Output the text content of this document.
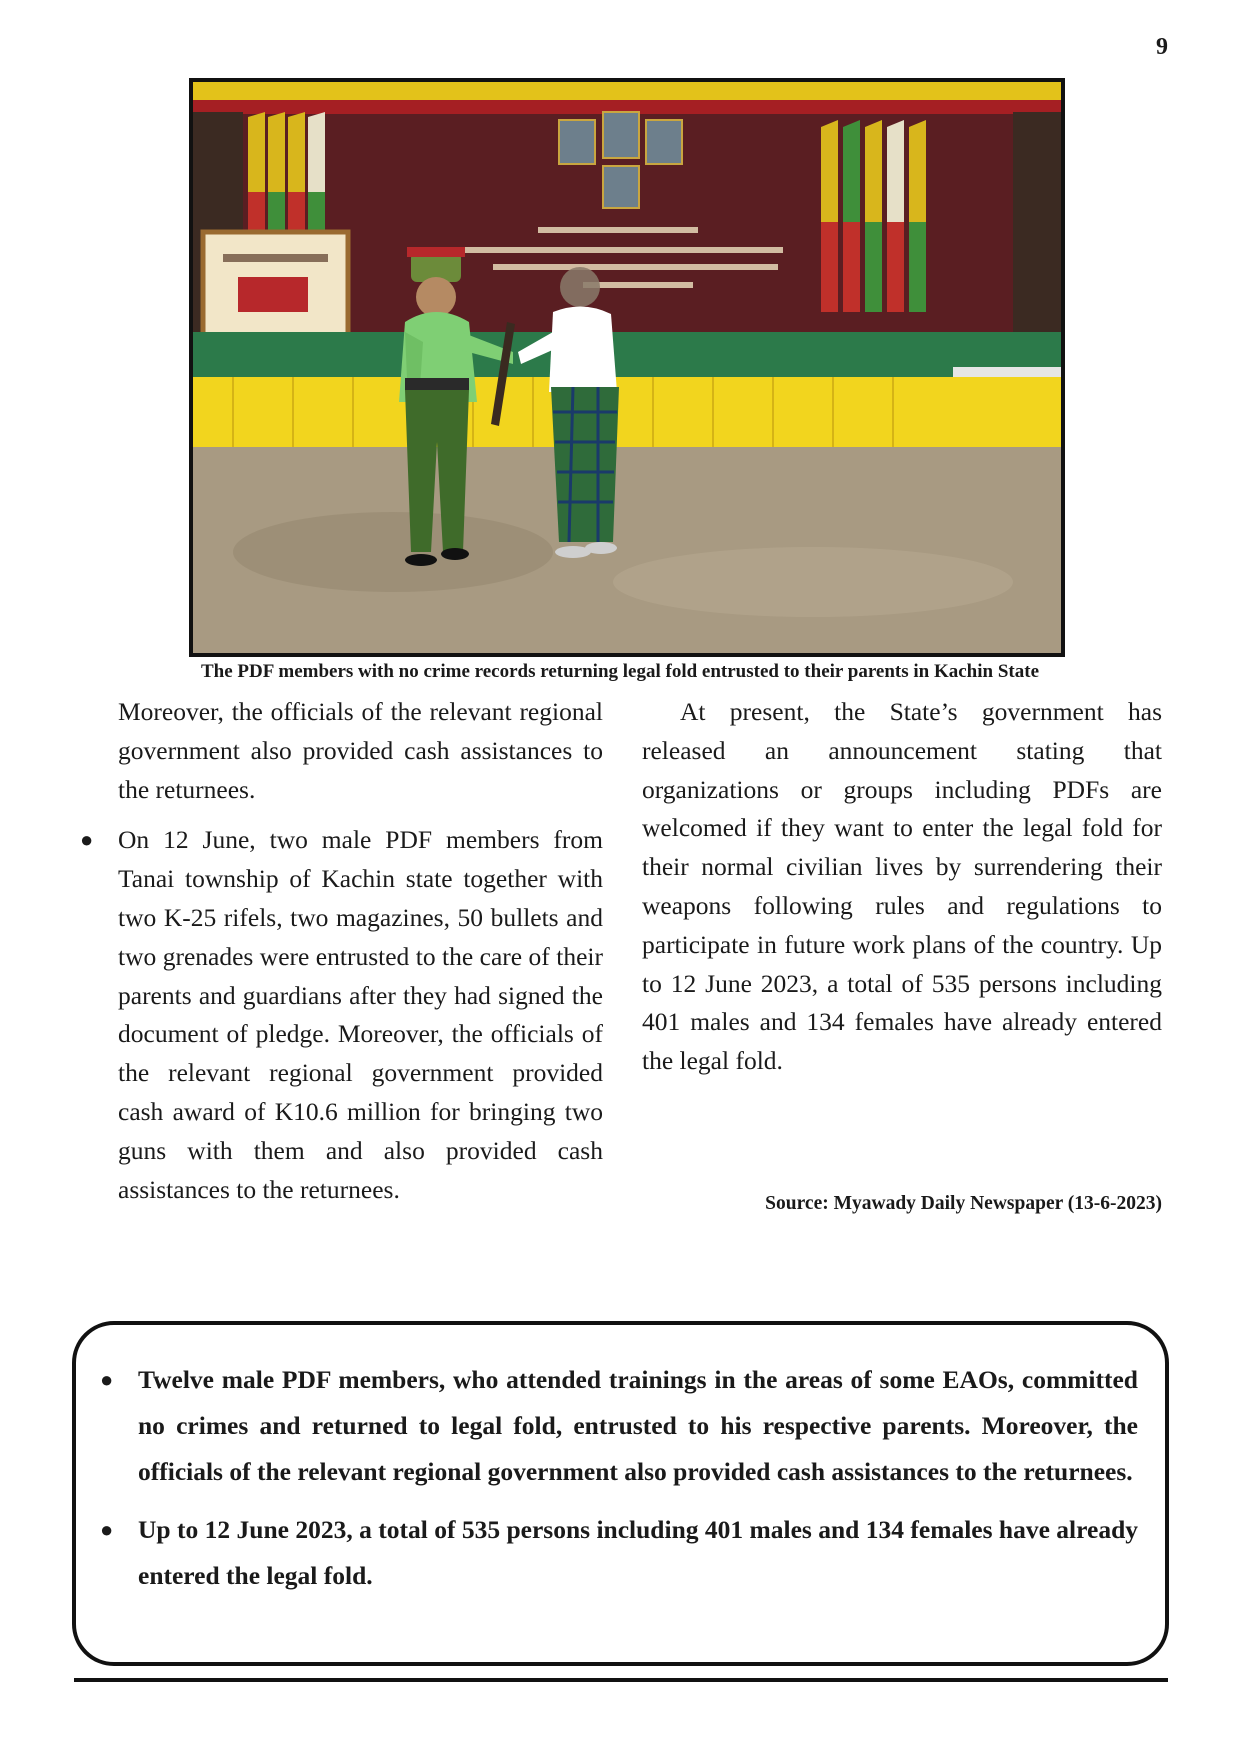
9
The PDF members with no crime records returning legal fold entrusted to their parents in Kachin State

Moreover, the officials of the relevant regional government also provided cash assistances to the returnees.

● On 12 June, two male PDF members from Tanai township of Kachin state together with two K-25 rifels, two magazines, 50 bullets and two grenades were entrusted to the care of their parents and guardians after they had signed the document of pledge. Moreover, the officials of the relevant regional government provided cash award of K10.6 million for bringing two guns with them and also provided cash assistances to the returnees.

At present, the State’s government has released an announcement stating that organizations or groups including PDFs are welcomed if they want to enter the legal fold for their normal civilian lives by surrendering their weapons following rules and regulations to participate in future work plans of the country. Up to 12 June 2023, a total of 535 persons including 401 males and 134 females have already entered the legal fold.

Source: Myawady Daily Newspaper (13-6-2023)
● Twelve male PDF members, who attended trainings in the areas of some EAOs, committed no crimes and returned to legal fold, entrusted to his respective parents. Moreover, the officials of the relevant regional government also provided cash assistances to the returnees.
● Up to 12 June 2023, a total of 535 persons including 401 males and 134 females have already entered the legal fold.
